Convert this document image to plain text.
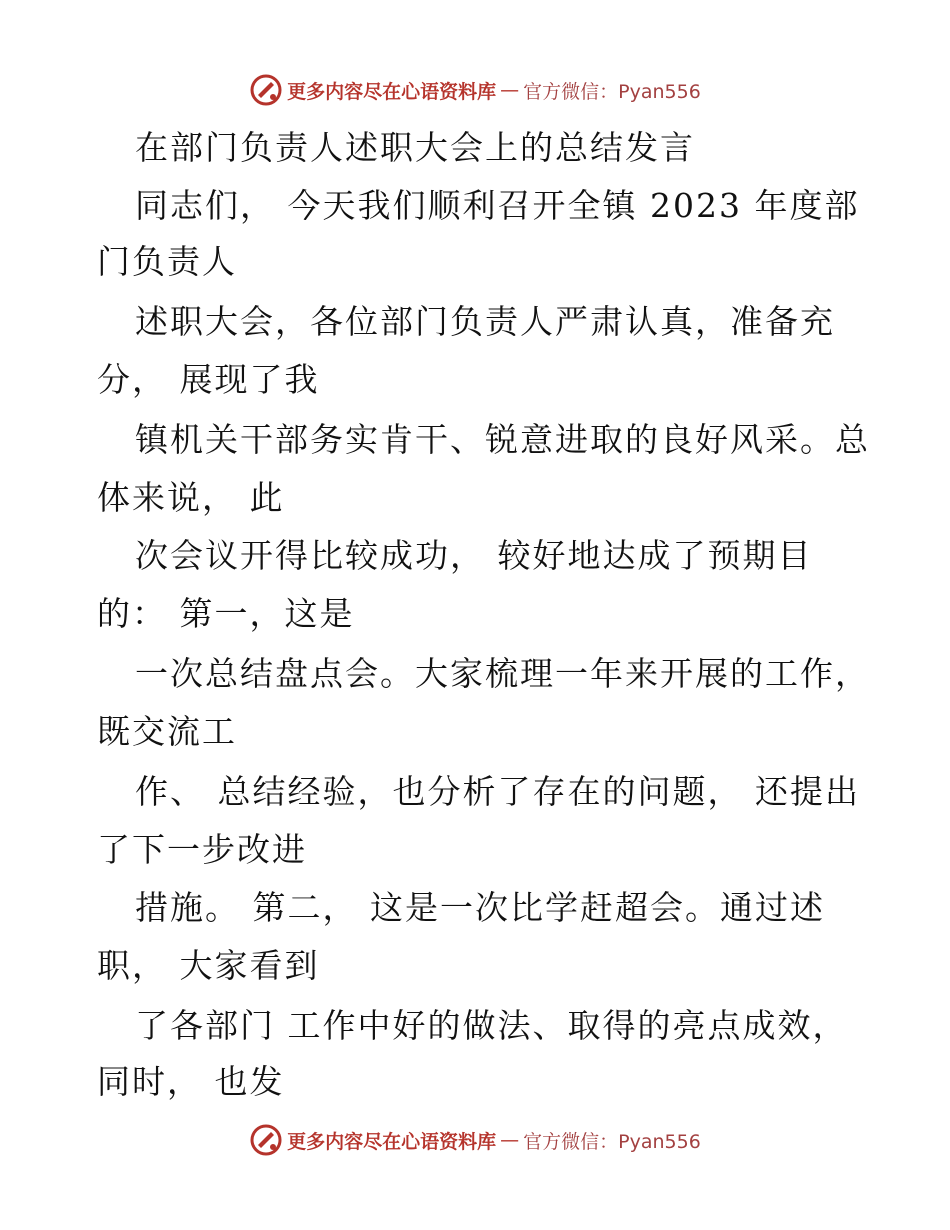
更多内容尽在心语资料库 — 官方微信：Pyan556
在部门负责人述职大会上的总结发言
同志们， 今天我们顺利召开全镇 2023 年度部
门负责人
述职大会，各位部门负责人严肃认真，准备充
分， 展现了我
镇机关干部务实肯干、锐意进取的良好风采。总
体来说， 此
次会议开得比较成功， 较好地达成了预期目
的： 第一，这是
一次总结盘点会。大家梳理一年来开展的工作，
既交流工
作、 总结经验，也分析了存在的问题， 还提出
了下一步改进
措施。 第二， 这是一次比学赶超会。通过述
职， 大家看到
了各部门 工作中好的做法、取得的亮点成效，
同时， 也发
更多内容尽在心语资料库 — 官方微信：Pyan556
